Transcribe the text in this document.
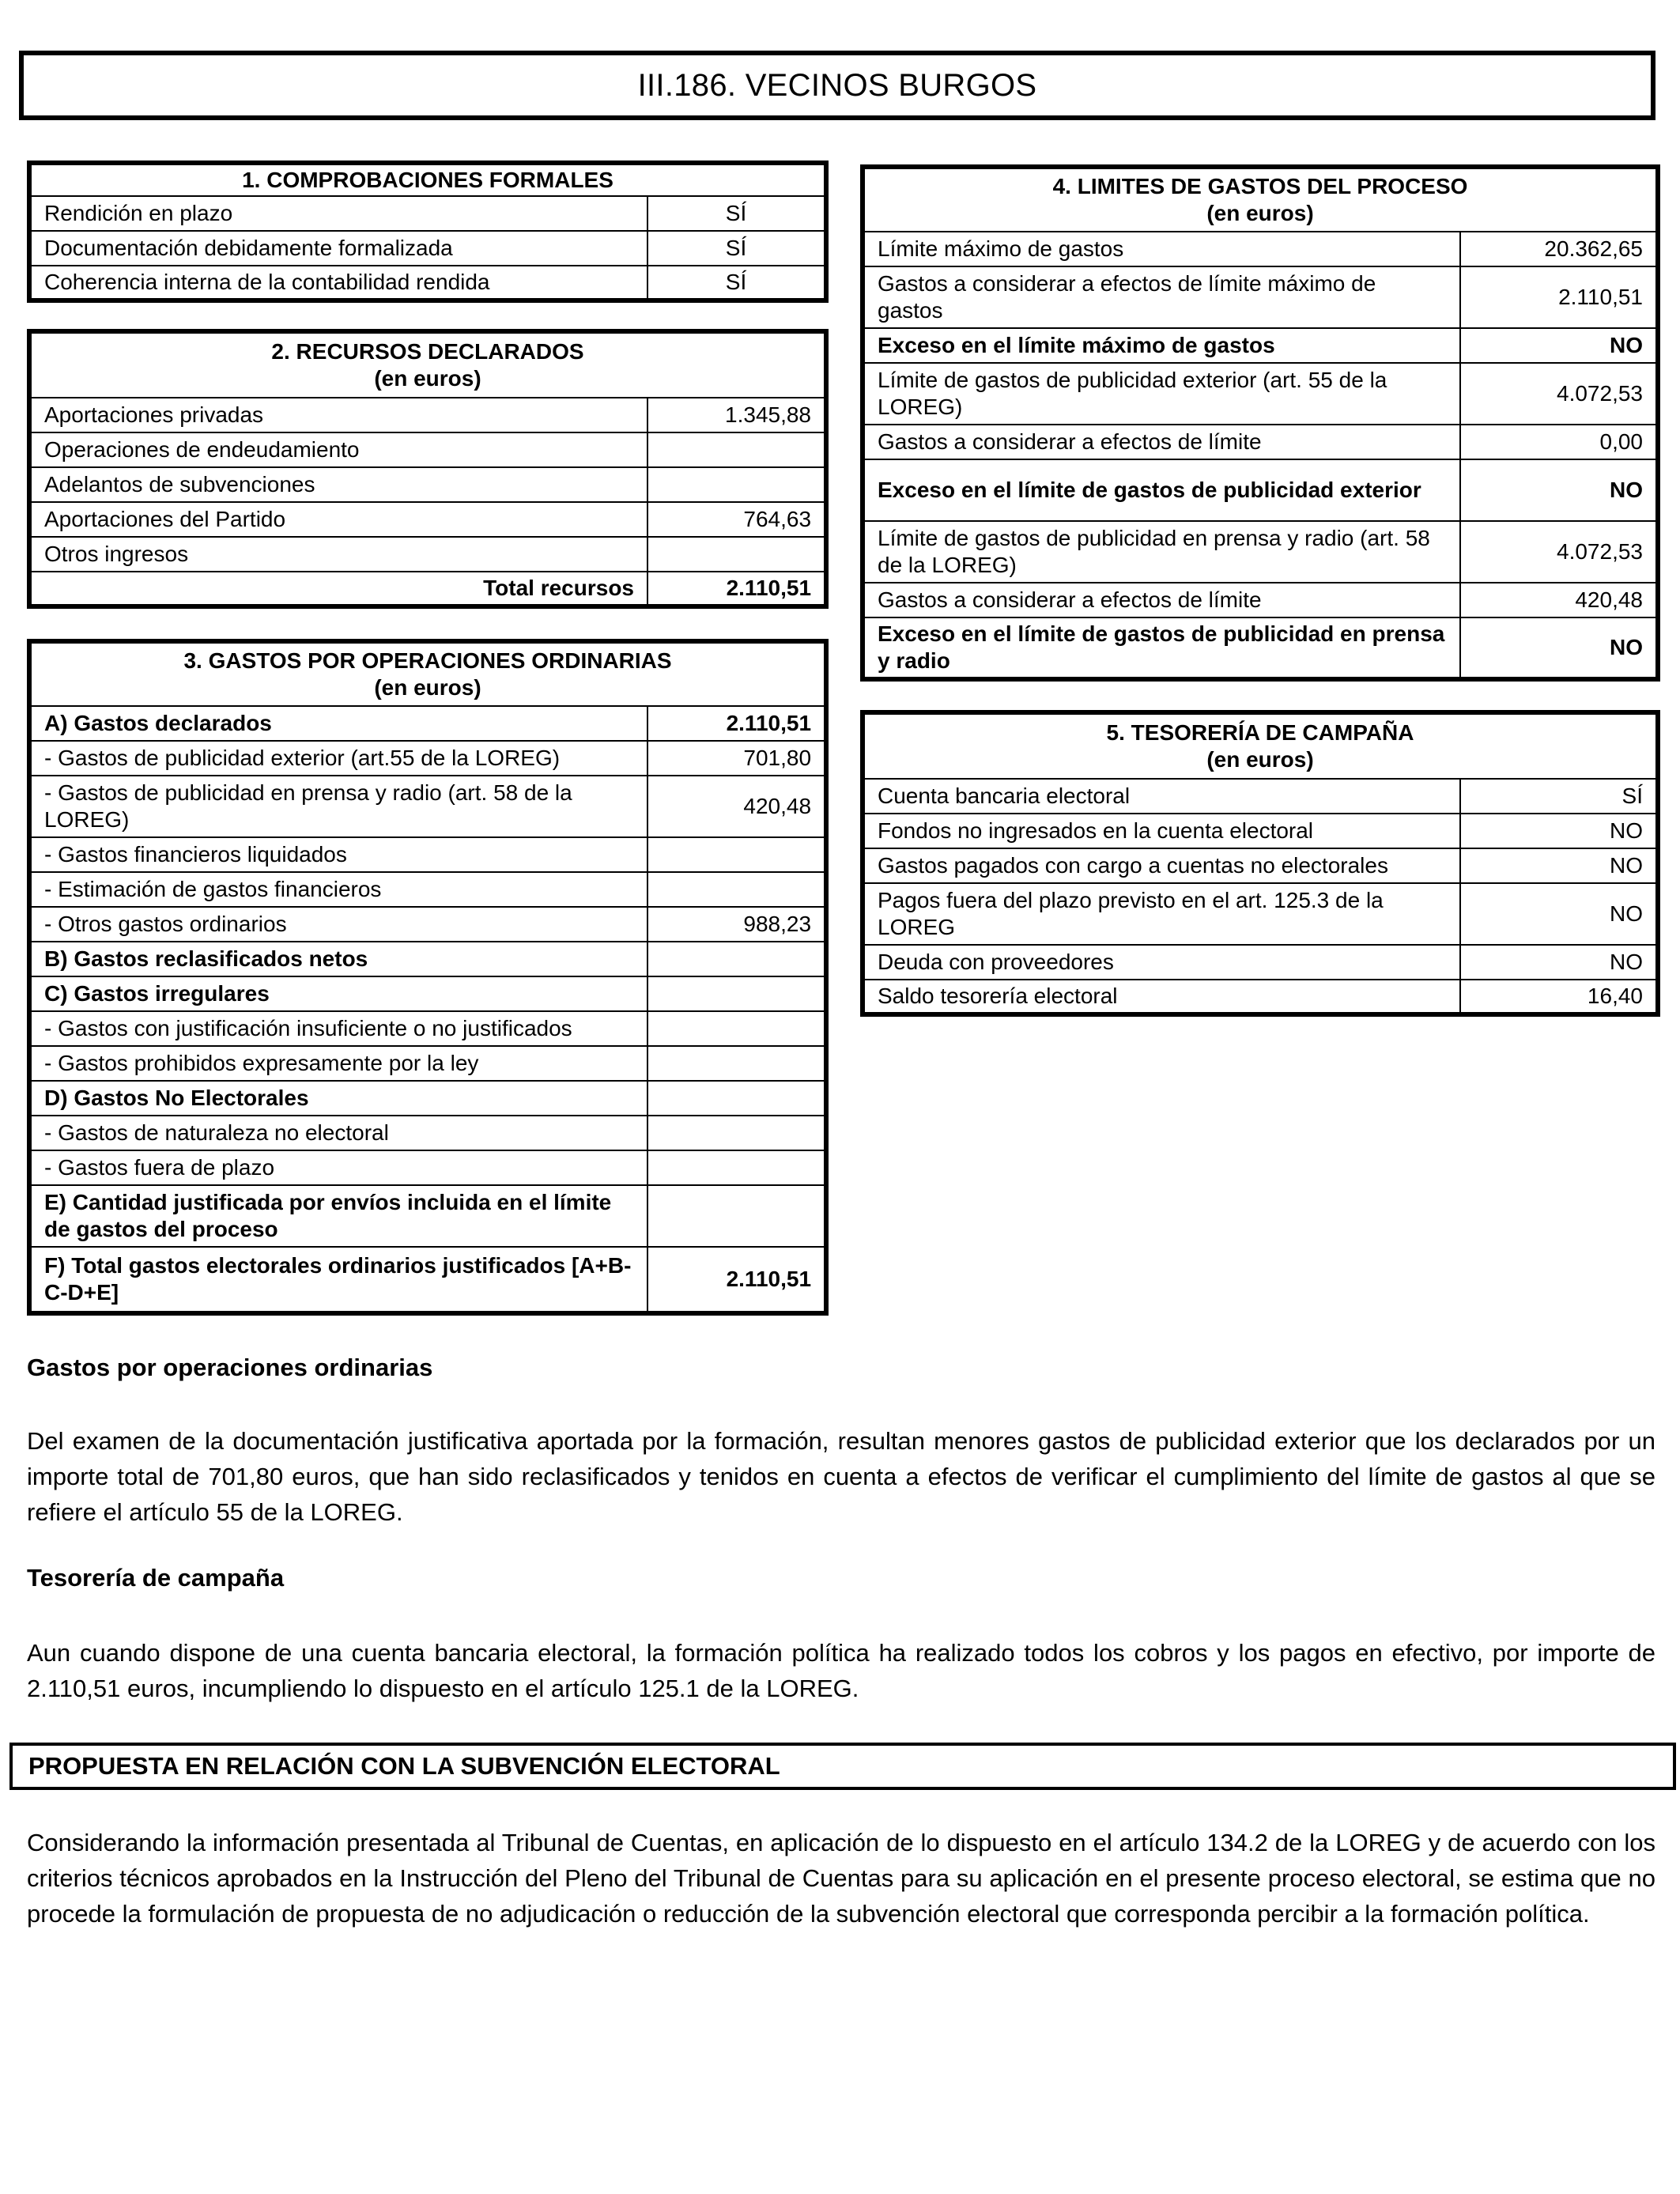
III.186. VECINOS BURGOS
1. COMPROBACIONES FORMALES	
Rendición en plazo	SÍ
Documentación debidamente formalizada	SÍ
Coherencia interna de la contabilidad rendida	SÍ
2. RECURSOS DECLARADOS
(en euros)	

Aportaciones privadas	1.345,88
Operaciones de endeudamiento	
Adelantos de subvenciones	
Aportaciones del Partido	764,63
Otros ingresos	
Total recursos	2.110,51
3. GASTOS POR OPERACIONES ORDINARIAS
(en euros)	

A) Gastos declarados	2.110,51
- Gastos de publicidad exterior (art.55 de la LOREG)	701,80
- Gastos de publicidad en prensa y radio (art. 58 de la LOREG)	420,48
- Gastos financieros liquidados	
- Estimación de gastos financieros	
- Otros gastos ordinarios	988,23
B) Gastos reclasificados netos	
C) Gastos irregulares	
- Gastos con justificación insuficiente o no justificados	
- Gastos prohibidos expresamente por la ley	
D) Gastos No Electorales	
- Gastos de naturaleza no electoral	
- Gastos fuera de plazo	
E) Cantidad justificada por envíos incluida en el límite de gastos del proceso	
F) Total gastos electorales ordinarios justificados [A+B-C-D+E]	2.110,51
4. LIMITES DE GASTOS DEL PROCESO
(en euros)	

Límite máximo de gastos	20.362,65
Gastos a considerar a efectos de límite máximo de gastos	2.110,51
Exceso en el límite máximo de gastos	NO
Límite de gastos de publicidad exterior (art. 55 de la LOREG)	4.072,53
Gastos a considerar a efectos de límite	0,00
Exceso en el límite de gastos de publicidad exterior	NO
Límite de gastos de publicidad en prensa y radio (art. 58 de la LOREG)	4.072,53
Gastos a considerar a efectos de límite	420,48
Exceso en el límite de gastos de publicidad en prensa y radio	NO
5. TESORERÍA DE CAMPAÑA
(en euros)	

Cuenta bancaria electoral	SÍ
Fondos no ingresados en la cuenta electoral	NO
Gastos pagados con cargo a cuentas no electorales	NO
Pagos fuera del plazo previsto en el art. 125.3 de la LOREG	NO
Deuda con proveedores	NO
Saldo tesorería electoral	16,40

Gastos por operaciones ordinarias

Del examen de la documentación justificativa aportada por la formación, resultan menores gastos de publicidad exterior que los declarados por un importe total de 701,80 euros, que han sido reclasificados y tenidos en cuenta a efectos de verificar el cumplimiento del límite de gastos al que se refiere el artículo 55 de la LOREG.

Tesorería de campaña

Aun cuando dispone de una cuenta bancaria electoral, la formación política ha realizado todos los cobros y los pagos en efectivo, por importe de 2.110,51 euros, incumpliendo lo dispuesto en el artículo 125.1 de la LOREG.

PROPUESTA EN RELACIÓN CON LA SUBVENCIÓN ELECTORAL

Considerando la información presentada al Tribunal de Cuentas, en aplicación de lo dispuesto en el artículo 134.2 de la LOREG y de acuerdo con los criterios técnicos aprobados en la Instrucción del Pleno del Tribunal de Cuentas para su aplicación en el presente proceso electoral, se estima que no procede la formulación de propuesta de no adjudicación o reducción de la subvención electoral que corresponda percibir a la formación política.
